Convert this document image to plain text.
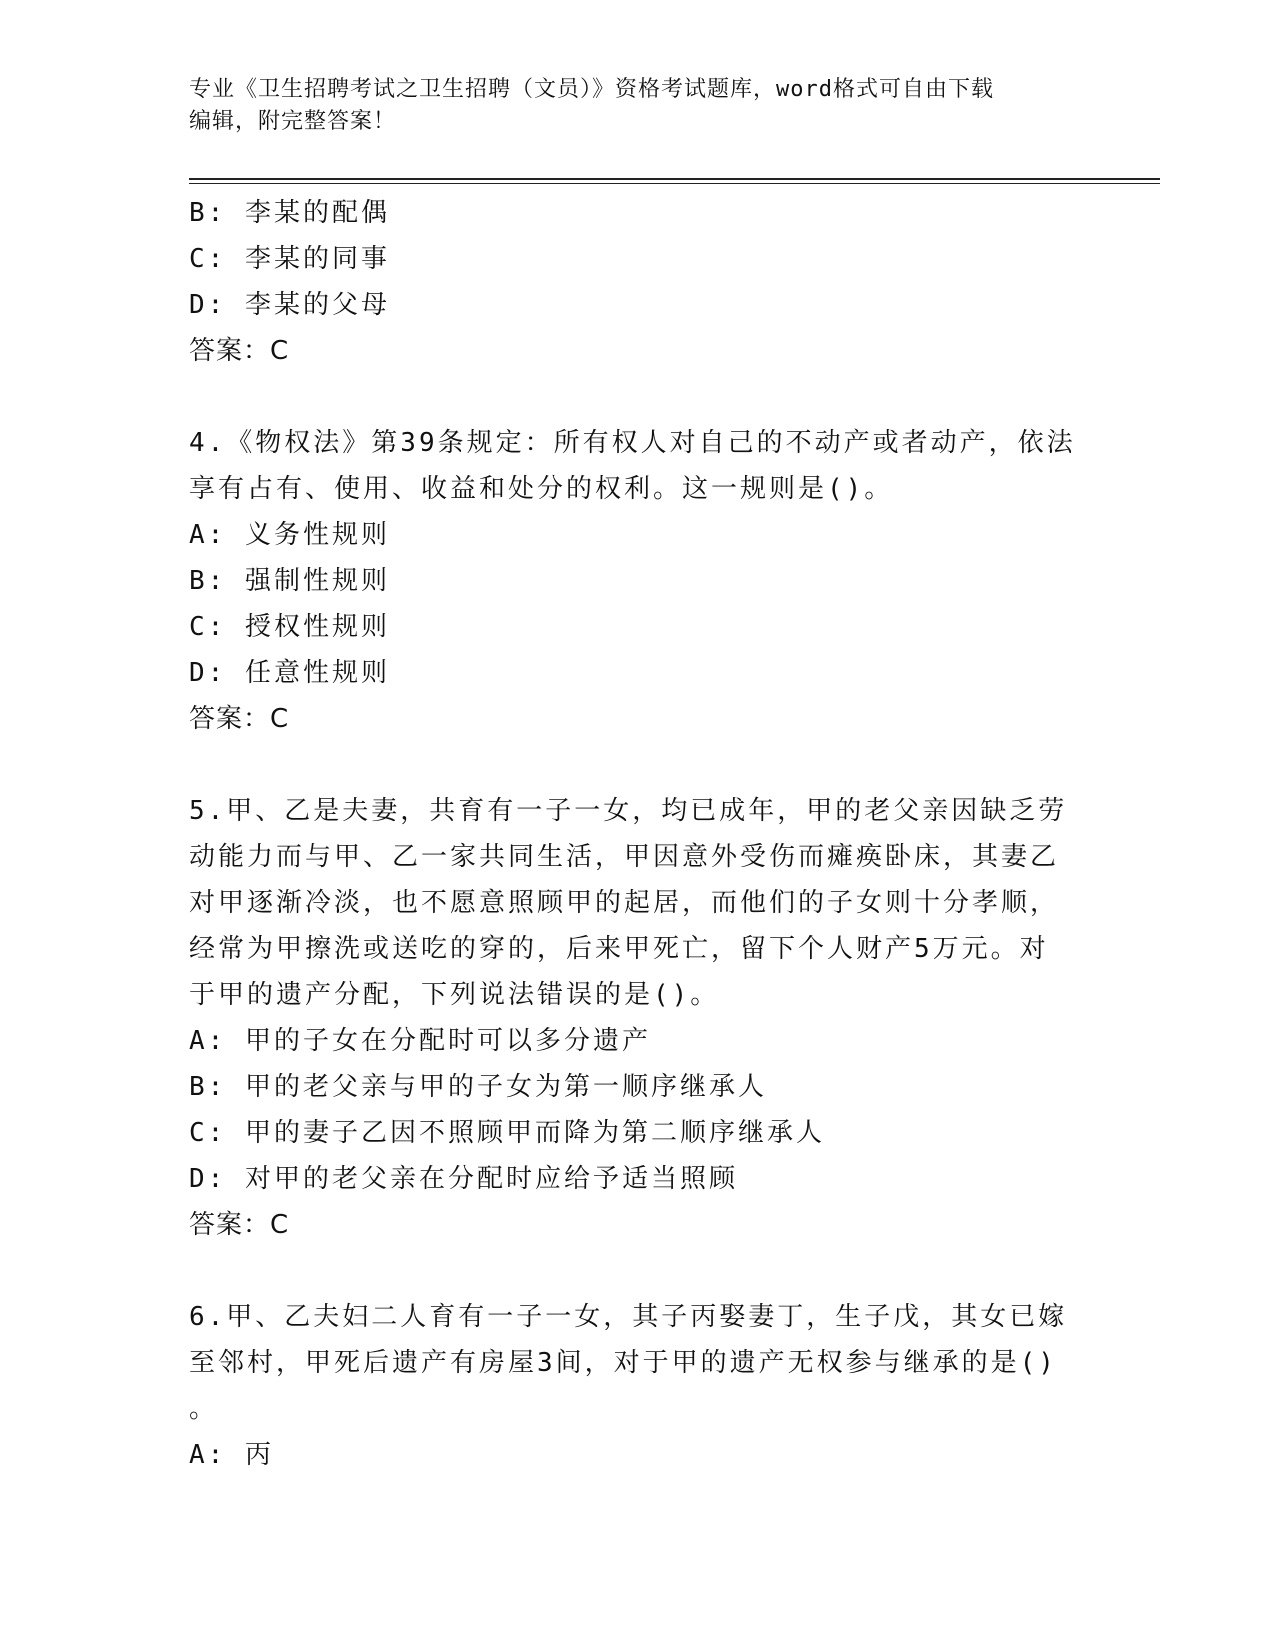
专业《卫生招聘考试之卫生招聘（文员）》资格考试题库，word格式可自由下载
编辑，附完整答案！
B: 李某的配偶
C: 李某的同事
D: 李某的父母
答案：C
4.《物权法》第39条规定：所有权人对自己的不动产或者动产，依法
享有占有、使用、收益和处分的权利。这一规则是()。
A: 义务性规则
B: 强制性规则
C: 授权性规则
D: 任意性规则
答案：C
5.甲、乙是夫妻，共育有一子一女，均已成年，甲的老父亲因缺乏劳
动能力而与甲、乙一家共同生活，甲因意外受伤而瘫痪卧床，其妻乙
对甲逐渐冷淡，也不愿意照顾甲的起居，而他们的子女则十分孝顺，
经常为甲擦洗或送吃的穿的，后来甲死亡，留下个人财产5万元。对
于甲的遗产分配，下列说法错误的是()。
A: 甲的子女在分配时可以多分遗产
B: 甲的老父亲与甲的子女为第一顺序继承人
C: 甲的妻子乙因不照顾甲而降为第二顺序继承人
D: 对甲的老父亲在分配时应给予适当照顾
答案：C
6.甲、乙夫妇二人育有一子一女，其子丙娶妻丁，生子戊，其女已嫁
至邻村，甲死后遗产有房屋3间，对于甲的遗产无权参与继承的是()
。
A: 丙
